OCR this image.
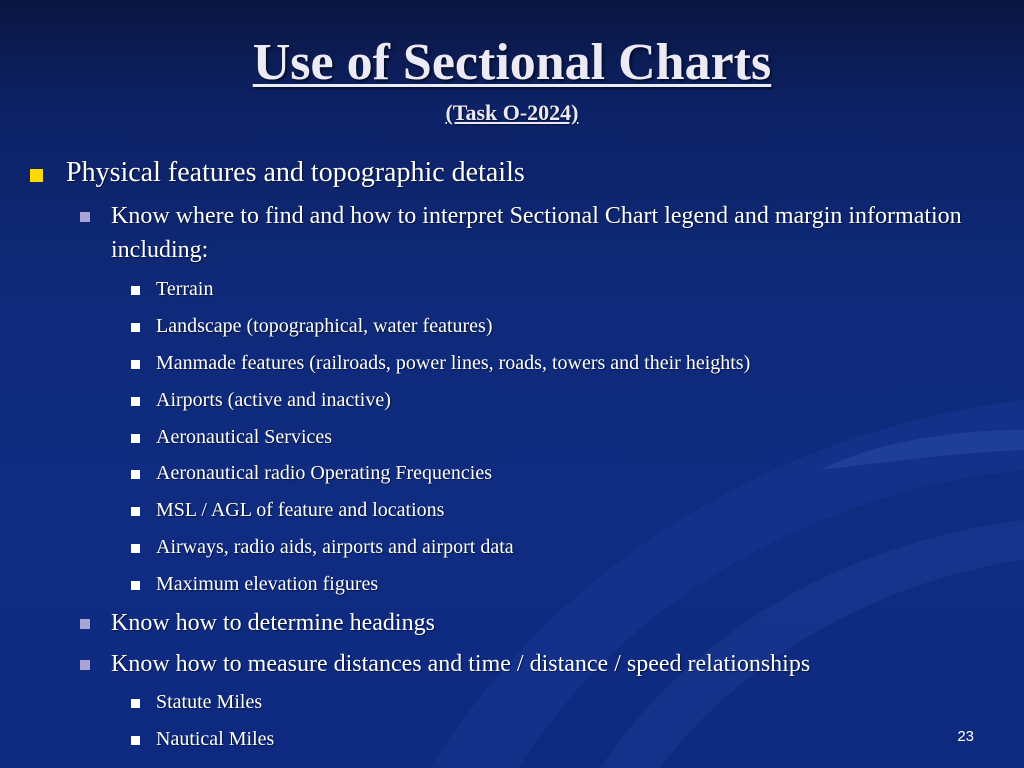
Use of Sectional Charts
(Task O-2024)
Physical features and topographic details
Know where to find and how to interpret Sectional Chart legend and margin information including:
Terrain
Landscape (topographical, water features)
Manmade features (railroads, power lines, roads, towers and their heights)
Airports (active and inactive)
Aeronautical Services
Aeronautical radio Operating Frequencies
MSL / AGL of feature and locations
Airways, radio aids, airports and airport data
Maximum elevation figures
Know how to determine headings
Know how to measure distances and time / distance / speed relationships
Statute Miles
Nautical Miles	23
